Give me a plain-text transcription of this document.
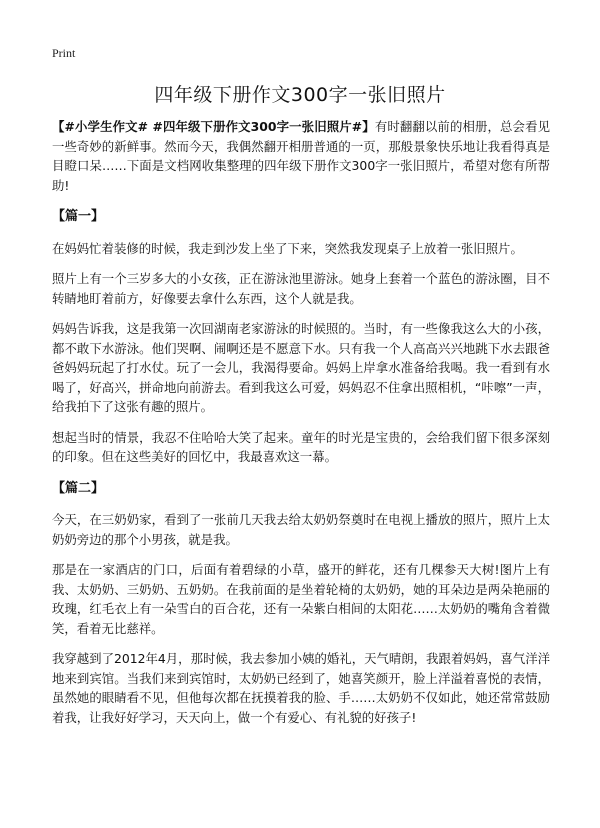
Print
四年级下册作文300字一张旧照片

【#小学生作文# #四年级下册作文300字一张旧照片#】有时翻翻以前的相册，总会看见一些奇妙的新鲜事。然而今天，我偶然翻开相册普通的一页，那般景象快乐地让我看得真是目瞪口呆……下面是文档网收集整理的四年级下册作文300字一张旧照片，希望对您有所帮助!

【篇一】

在妈妈忙着装修的时候，我走到沙发上坐了下来，突然我发现桌子上放着一张旧照片。

照片上有一个三岁多大的小女孩，正在游泳池里游泳。她身上套着一个蓝色的游泳圈，目不转睛地盯着前方，好像要去拿什么东西，这个人就是我。

妈妈告诉我，这是我第一次回湖南老家游泳的时候照的。当时，有一些像我这么大的小孩，都不敢下水游泳。他们哭啊、闹啊还是不愿意下水。只有我一个人高高兴兴地跳下水去跟爸爸妈妈玩起了打水仗。玩了一会儿，我渴得要命。妈妈上岸拿水准备给我喝。我一看到有水喝了，好高兴，拼命地向前游去。看到我这么可爱，妈妈忍不住拿出照相机，“咔嚓”一声，给我拍下了这张有趣的照片。

想起当时的情景，我忍不住哈哈大笑了起来。童年的时光是宝贵的，会给我们留下很多深刻的印象。但在这些美好的回忆中，我最喜欢这一幕。

【篇二】

今天，在三奶奶家，看到了一张前几天我去给太奶奶祭奠时在电视上播放的照片，照片上太奶奶旁边的那个小男孩，就是我。

那是在一家酒店的门口，后面有着碧绿的小草，盛开的鲜花，还有几棵参天大树!图片上有我、太奶奶、三奶奶、五奶奶。在我前面的是坐着轮椅的太奶奶，她的耳朵边是两朵艳丽的玫瑰，红毛衣上有一朵雪白的百合花，还有一朵紫白相间的太阳花……太奶奶的嘴角含着微笑，看着无比慈祥。

我穿越到了2012年4月，那时候，我去参加小姨的婚礼，天气晴朗，我跟着妈妈，喜气洋洋地来到宾馆。当我们来到宾馆时，太奶奶已经到了，她喜笑颜开，脸上洋溢着喜悦的表情，虽然她的眼睛看不见，但他每次都在抚摸着我的脸、手……太奶奶不仅如此，她还常常鼓励着我，让我好好学习，天天向上，做一个有爱心、有礼貌的好孩子!
